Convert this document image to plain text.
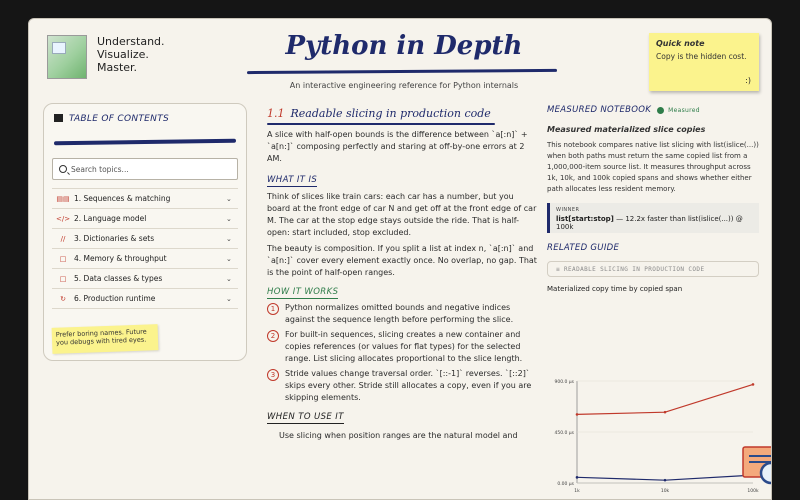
Understand.
Visualize.
Master.
Python in Depth
An interactive engineering reference for Python internals
Quick note
Copy is the hidden cost.
:)
TABLE OF CONTENTS
Search topics...
▤▤ 1. Sequences & matching	⌄
</> 2. Language model	⌄
//	3. Dictionaries & sets	⌄
□	4. Memory & throughput	⌄
□	5. Data classes & types	⌄
↻	6. Production runtime	⌄
Prefer boring names. Future you debugs with tired eyes.
1.1 Readable slicing in production code
A slice with half-open bounds is the difference between `a[:n]` + `a[n:]` composing perfectly and staring at off-by-one errors at 2 AM.
WHAT IT IS
Think of slices like train cars: each car has a number, but you board at the front edge of car N and get off at the front edge of car M. The car at the stop edge stays outside the ride. That is half-open: start included, stop excluded.
The beauty is composition. If you split a list at index n, `a[:n]` and `a[n:]` cover every element exactly once. No overlap, no gap. That is the point of half-open ranges.
HOW IT WORKS
1	Python normalizes omitted bounds and negative indices against the sequence length before performing the slice.
2	For built-in sequences, slicing creates a new container and copies references (or values for flat types) for the selected range. List slicing allocates proportional to the slice length.
3	Stride values change traversal order. `[::-1]` reverses. `[::2]` skips every other. Stride still allocates a copy, even if you are skipping elements.
WHEN TO USE IT
Use slicing when position ranges are the natural model and
MEASURED NOTEBOOK	Measured
Measured materialized slice copies
This notebook compares native list slicing with list(islice(...)) when both paths must return the same copied list from a 1,000,000-item source list. It measures throughput across 1k, 10k, and 100k copied spans and shows whether either path allocates less resident memory.
WINNER
list[start:stop] — 12.2x faster than list(islice(...)) @ 100k
RELATED GUIDE
≡ READABLE SLICING IN PRODUCTION CODE
Materialized copy time by copied span
0.00 μs
450.0 μs
900.0 μs
1k	10k	100k
